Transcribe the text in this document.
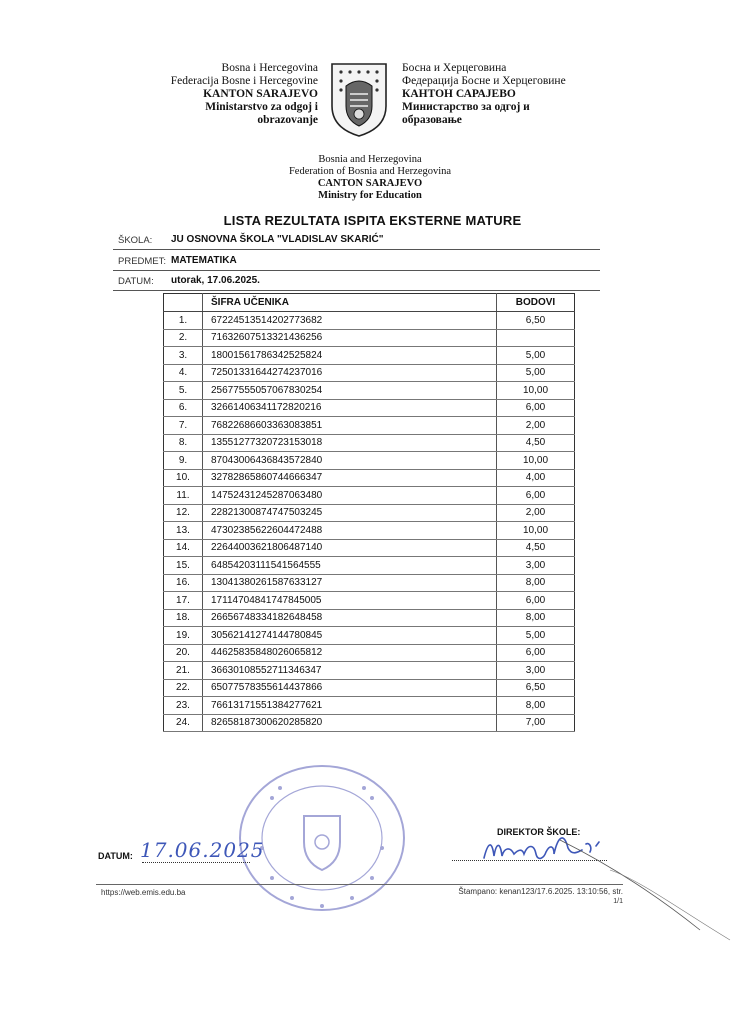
Bosna i Hercegovina
Federacija Bosne i Hercegovine
KANTON SARAJEVO
Ministarstvo za odgoj i
obrazovanje
Босна и Херцеговина
Федерација Босне и Херцеговине
КАНТОН САРАЈЕВО
Министарство за одгој и
образовање
Bosnia and Herzegovina
Federation of Bosnia and Herzegovina
CANTON SARAJEVO
Ministry for Education
LISTA REZULTATA ISPITA EKSTERNE MATURE
ŠKOLA: JU OSNOVNA ŠKOLA "VLADISLAV SKARIĆ"
PREDMET: MATEMATIKA
DATUM: utorak, 17.06.2025.
	ŠIFRA UČENIKA	BODOVI
1.	67224513514202773682	6,50
2.	71632607513321436256	
3.	18001561786342525824	5,00
4.	72501331644274237016	5,00
5.	25677555057067830254	10,00
6.	32661406341172820216	6,00
7.	76822686603363083851	2,00
8.	13551277320723153018	4,50
9.	87043006436843572840	10,00
10.	32782865860744666347	4,00
11.	14752431245287063480	6,00
12.	22821300874747503245	2,00
13.	47302385622604472488	10,00
14.	22644003621806487140	4,50
15.	64854203111541564555	3,00
16.	13041380261587633127	8,00
17.	17114704841747845005	6,00
18.	26656748334182648458	8,00
19.	30562141274144780845	5,00
20.	44625835848026065812	6,00
21.	36630108552711346347	3,00
22.	65077578355614437866	6,50
23.	76613171551384277621	8,00
24.	82658187300620285820	7,00
DATUM: 17.06.2025
DIREKTOR ŠKOLE:
https://web.emis.edu.ba	Štampano: kenan123/17.6.2025. 13:10:56, str.
1/1
